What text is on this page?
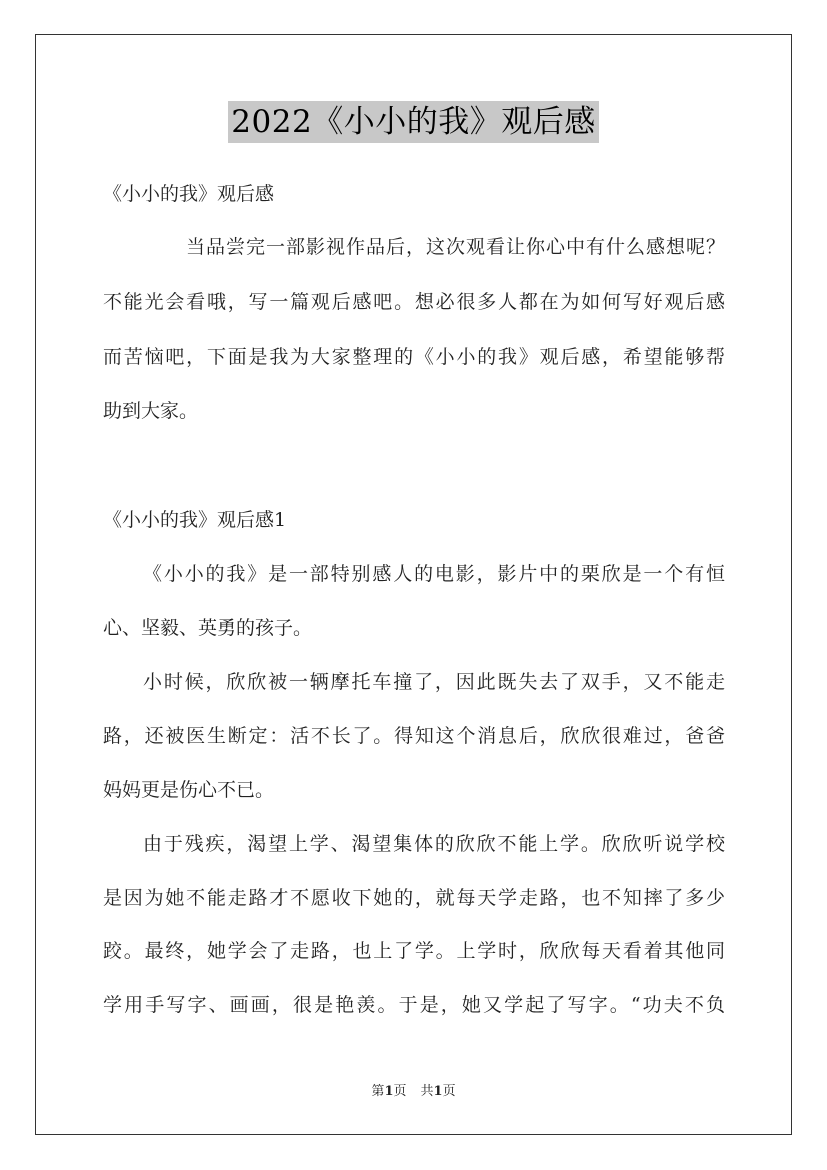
2022《小小的我》观后感
《小小的我》观后感
当品尝完一部影视作品后，这次观看让你心中有什么感想呢？
不能光会看哦，写一篇观后感吧。想必很多人都在为如何写好观后感
而苦恼吧，下面是我为大家整理的《小小的我》观后感，希望能够帮
助到大家。
《小小的我》观后感1
《小小的我》是一部特别感人的电影，影片中的栗欣是一个有恒
心、坚毅、英勇的孩子。
小时候，欣欣被一辆摩托车撞了，因此既失去了双手，又不能走
路，还被医生断定：活不长了。得知这个消息后，欣欣很难过，爸爸
妈妈更是伤心不已。
由于残疾，渴望上学、渴望集体的欣欣不能上学。欣欣听说学校
是因为她不能走路才不愿收下她的，就每天学走路，也不知摔了多少
跤。最终，她学会了走路，也上了学。上学时，欣欣每天看着其他同
学用手写字、画画，很是艳羡。于是，她又学起了写字。“功夫不负
第1页 共1页
